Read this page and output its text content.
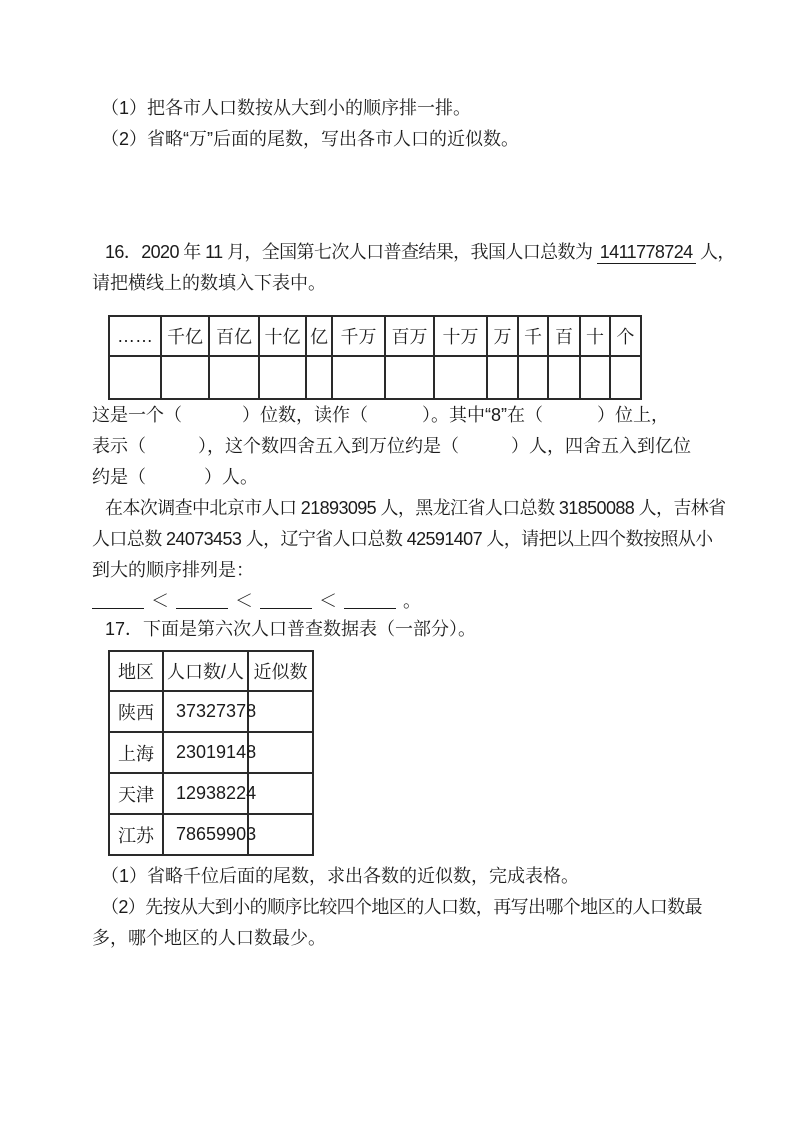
（1）把各市人口数按从大到小的顺序排一排。
（2）省略“万”后面的尾数，写出各市人口的近似数。
16．2020 年 11 月，全国第七次人口普查结果，我国人口总数为 1411778724 人，
请把横线上的数填入下表中。
……	千亿	百亿	十亿	亿	千万	百万	十万	万	千	百	十	个

这是一个（	）位数，读作（	）。其中“8”在（	）位上，
表示（	），这个数四舍五入到万位约是（	）人，四舍五入到亿位
约是（	）人。
在本次调查中北京市人口 21893095 人，黑龙江省人口总数 31850088 人，吉林省
人口总数 24073453 人，辽宁省人口总数 42591407 人，请把以上四个数按照从小
到大的顺序排列是：
＜	＜	＜	。
17．下面是第六次人口普查数据表（一部分）。
地区	人口数/人	近似数
陕西	37327378	
上海	23019148	
天津	12938224	
江苏	78659903	
（1）省略千位后面的尾数，求出各数的近似数，完成表格。
（2）先按从大到小的顺序比较四个地区的人口数，再写出哪个地区的人口数最
多，哪个地区的人口数最少。
